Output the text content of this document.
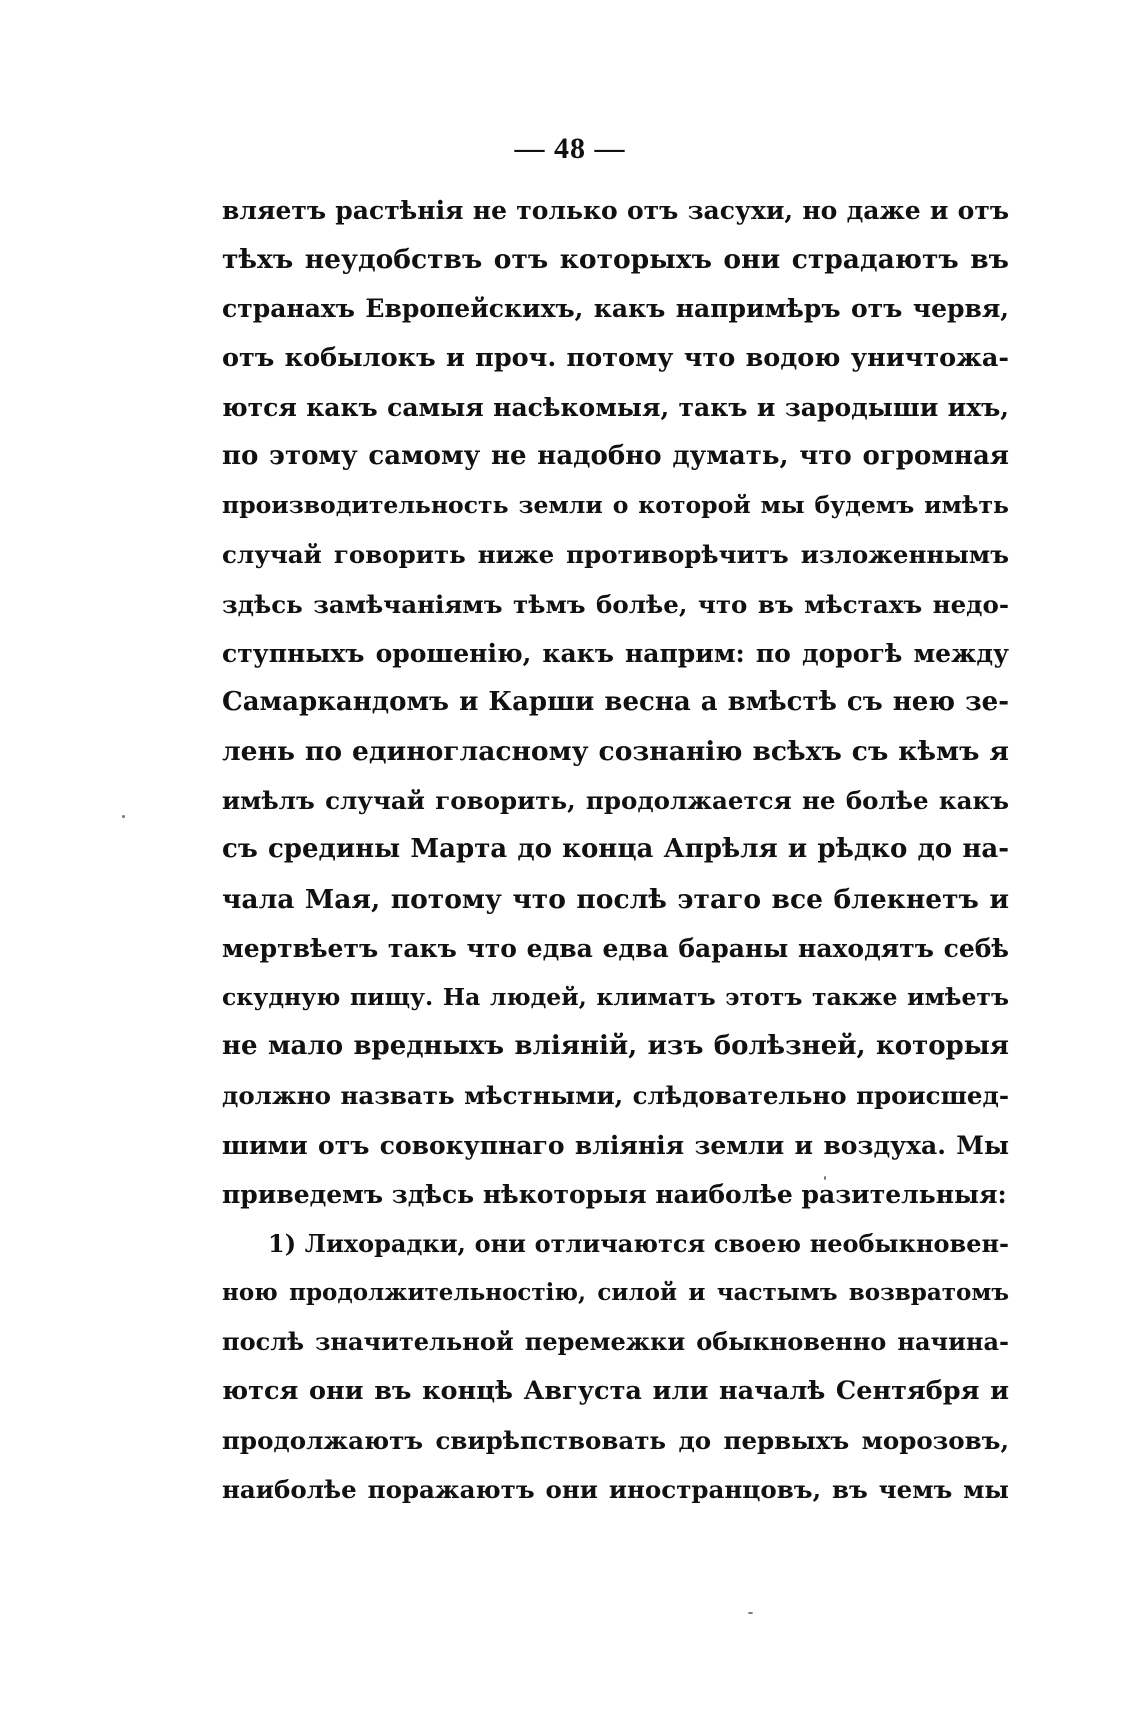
— 48 —
вляетъ растѣнія не только отъ засухи, но даже и отъ
тѣхъ неудобствъ отъ которыхъ они страдаютъ въ
странахъ Европейскихъ, какъ напримѣръ отъ червя,
отъ кобылокъ и проч. потому что водою уничтожа-
ются какъ самыя насѣкомыя, такъ и зародыши ихъ,
по этому самому не надобно думать, что огромная
производительность земли о которой мы будемъ имѣть
случай говорить ниже противорѣчитъ изложеннымъ
здѣсь замѣчаніямъ тѣмъ болѣе, что въ мѣстахъ недо-
ступныхъ орошенію, какъ наприм: по дорогѣ между
Самаркандомъ и Карши весна а вмѣстѣ съ нею зе-
лень по единогласному сознанію всѣхъ съ кѣмъ я
имѣлъ случай говорить, продолжается не болѣе какъ
съ средины Марта до конца Апрѣля и рѣдко до на-
чала Мая, потому что послѣ этаго все блекнетъ и
мертвѣетъ такъ что едва едва бараны находятъ себѣ
скудную пищу. На людей, климатъ этотъ также имѣетъ
не мало вредныхъ вліяній, изъ болѣзней, которыя
должно назвать мѣстными, слѣдовательно происшед-
шими отъ совокупнаго вліянія земли и воздуха. Мы
приведемъ здѣсь нѣкоторыя наиболѣе разительныя:
1) Лихорадки, они отличаются своею необыкновен-
ною продолжительностію, силой и частымъ возвратомъ
послѣ значительной перемежки обыкновенно начина-
ются они въ концѣ Августа или началѣ Сентября и
продолжаютъ свирѣпствовать до первыхъ морозовъ,
наиболѣе поражаютъ они иностранцовъ, въ чемъ мы
